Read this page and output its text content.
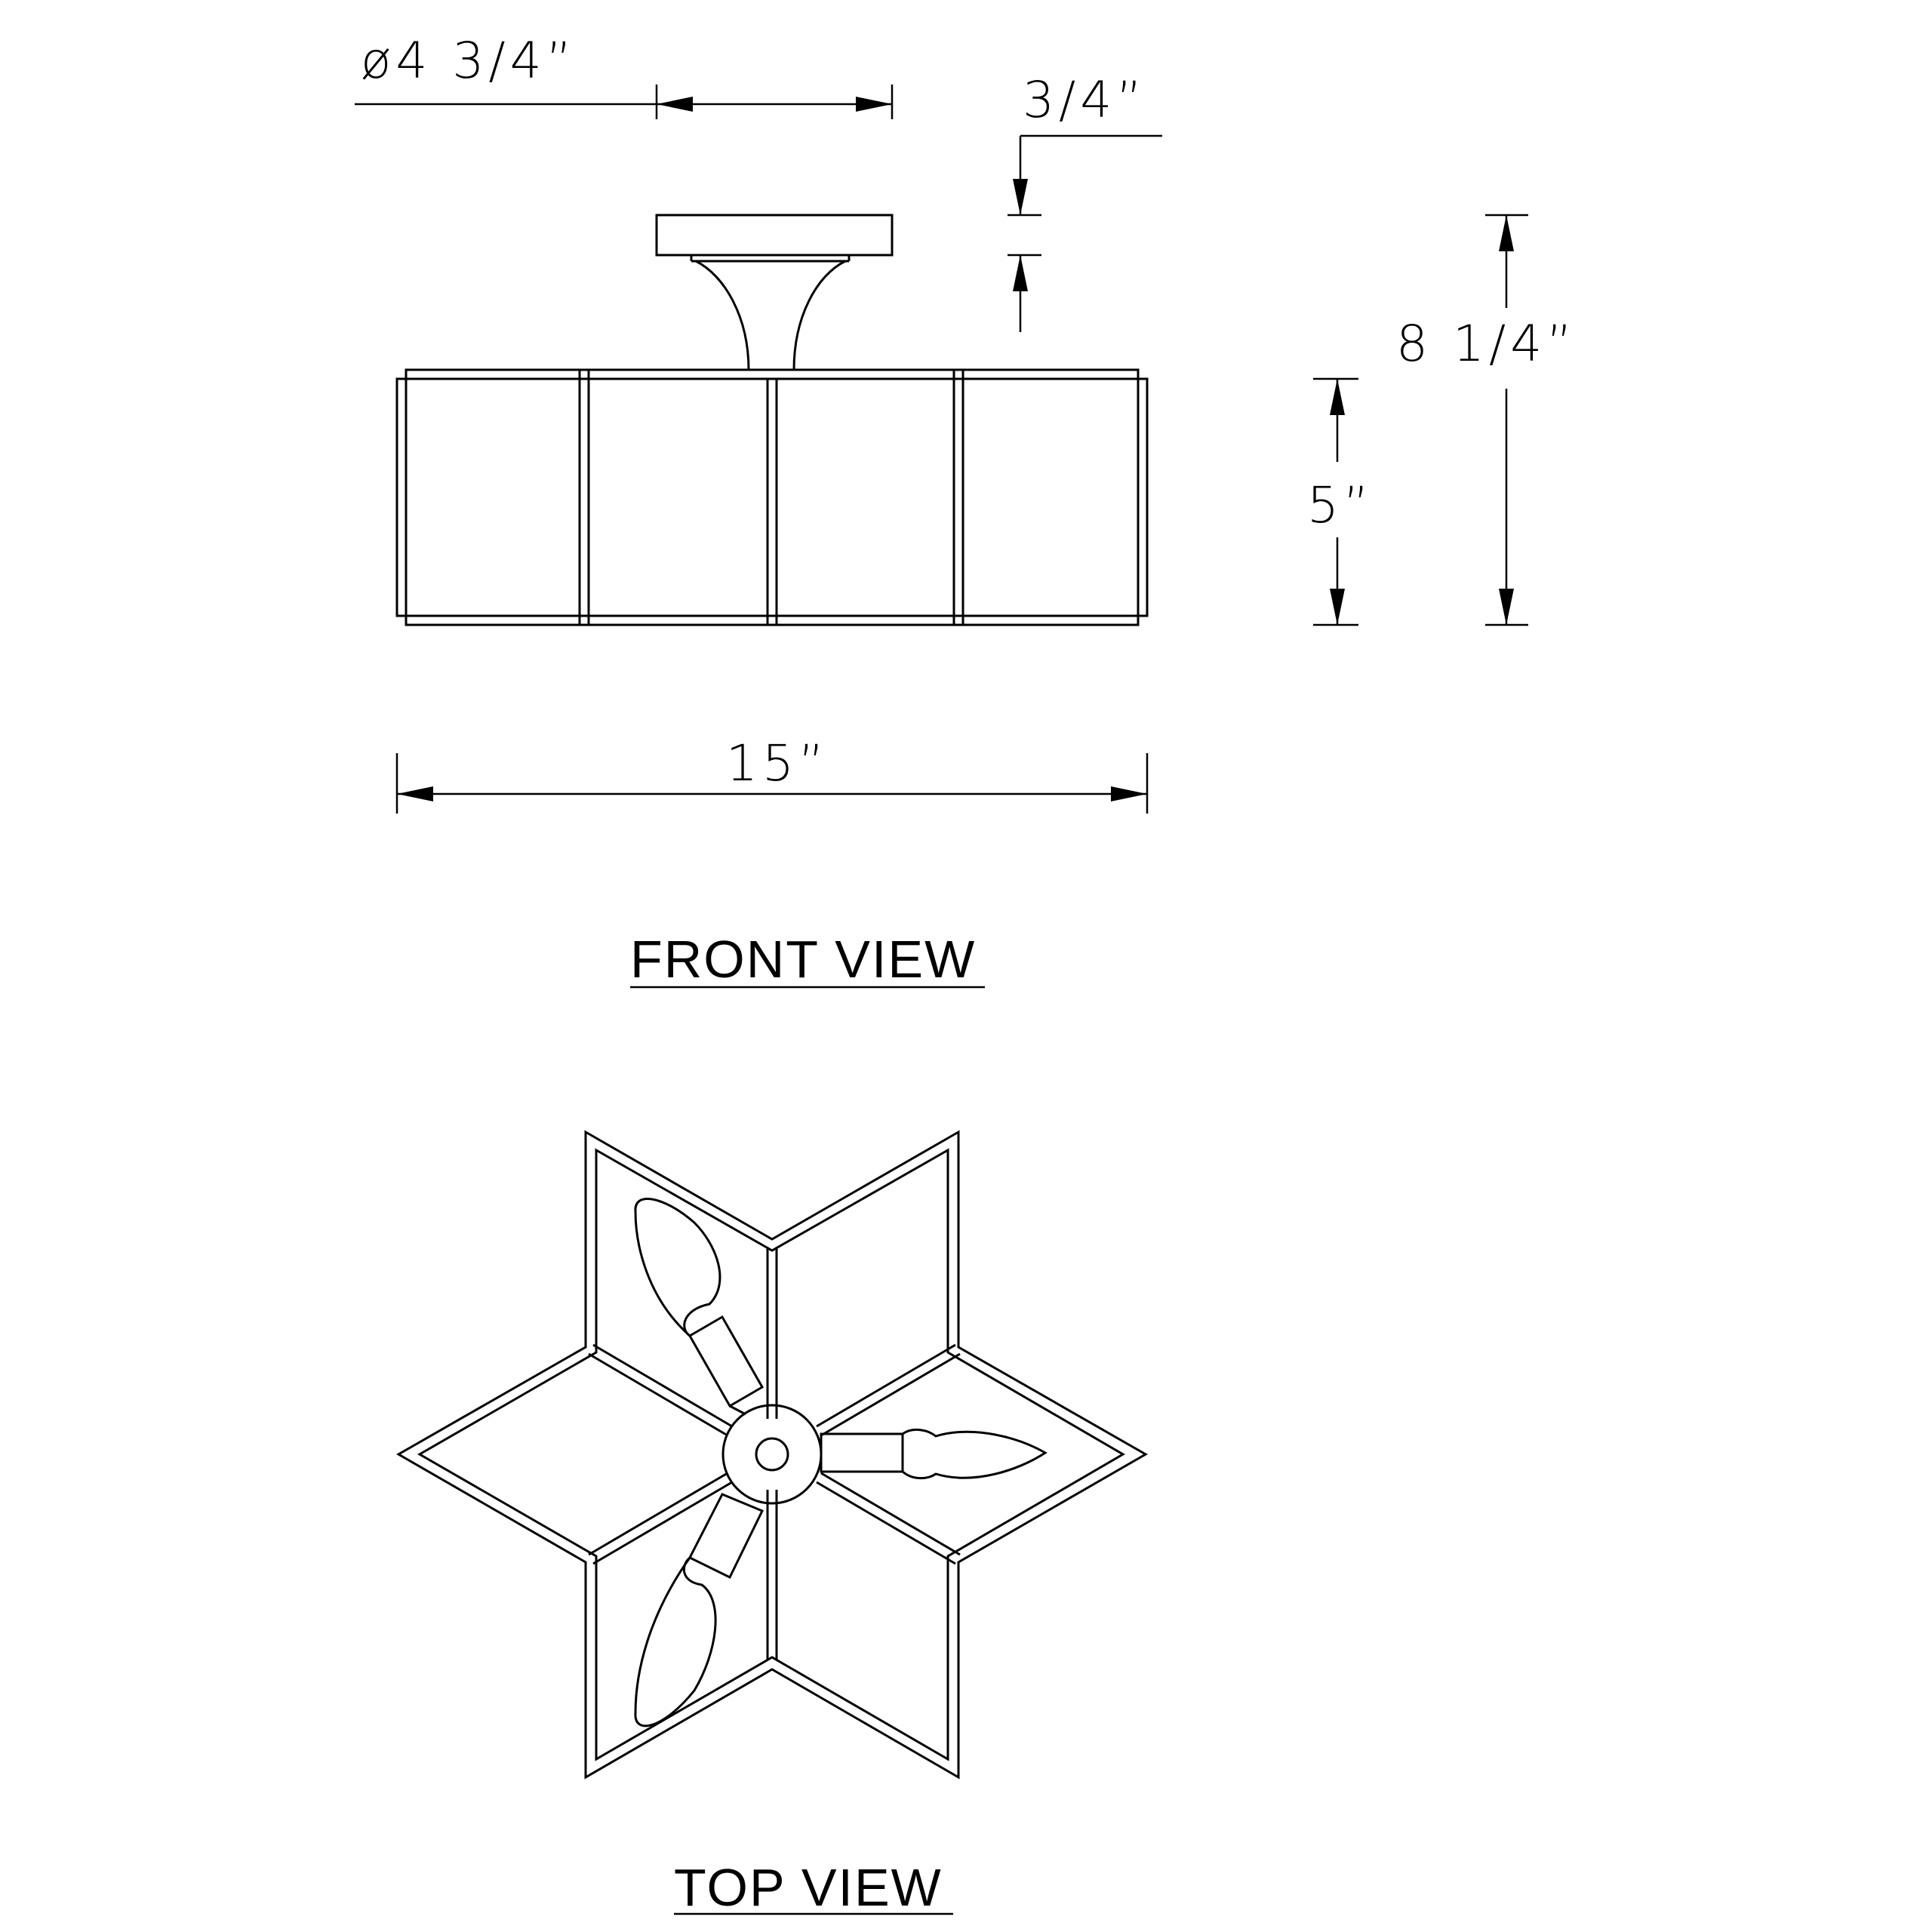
ø4 3/4”
3/4”
8 1/4”
5”
15”
FRONT VIEW
TOP VIEW
